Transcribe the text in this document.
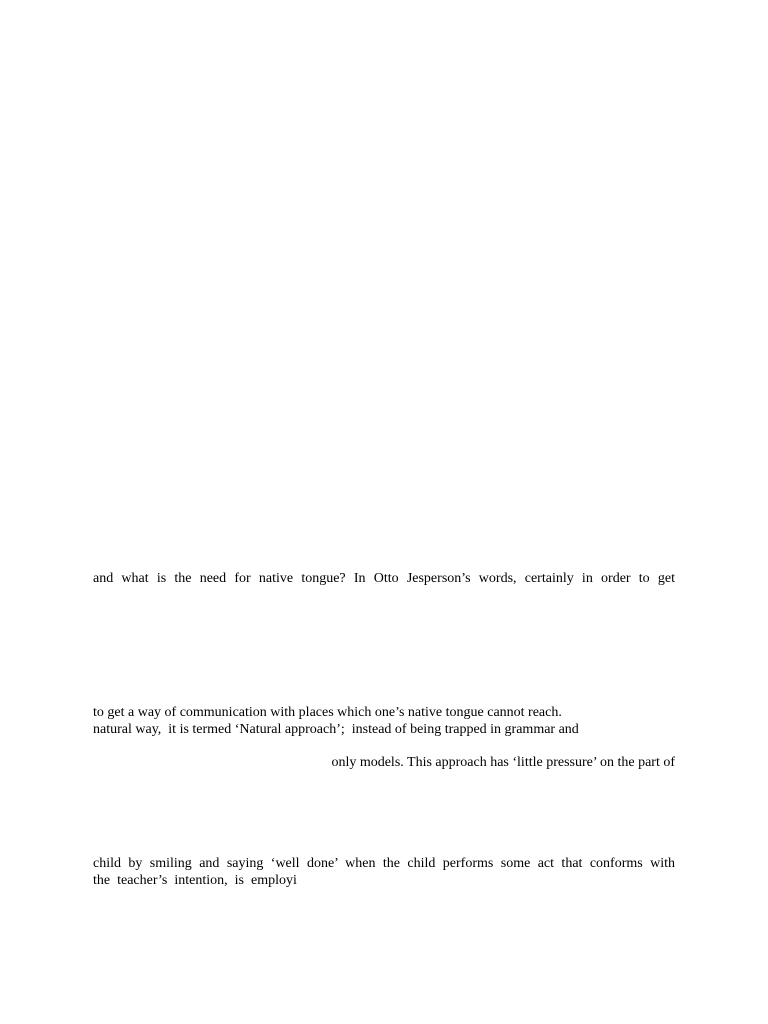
and what is the need for native tongue? In Otto Jesperson’s words, certainly in order to get

to get a way of communication with places which one’s native tongue cannot reach.

natural way,  it is termed ‘Natural approach’;  instead of being trapped in grammar and

only models. This approach has ‘little pressure’ on the part of

child by smiling and saying ‘well done’ when the child performs some act that conforms with

the  teacher’s  intention,  is  employi
